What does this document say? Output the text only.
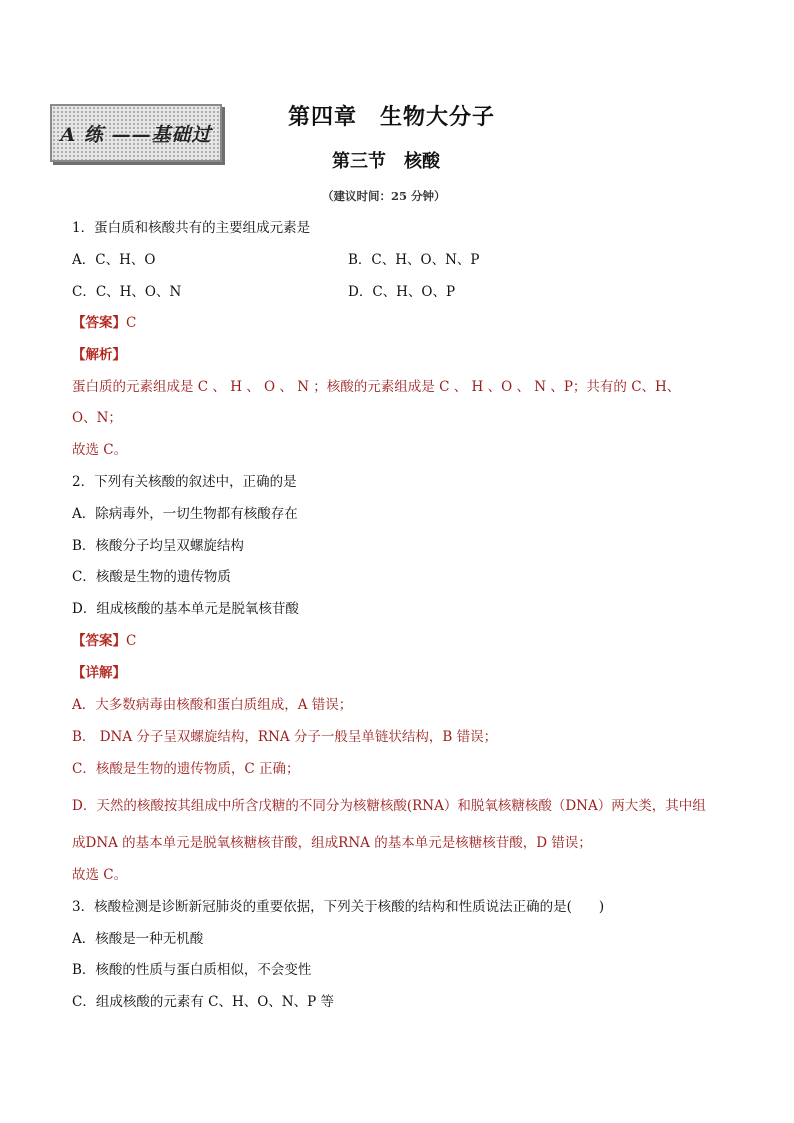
A 练 ——基础过
第四章　生物大分子
第三节　核酸
（建议时间：25 分钟）
1．蛋白质和核酸共有的主要组成元素是
A．C、H、O	B．C、H、O、N、P
C．C、H、O、N	D．C、H、O、P
【答案】C
【解析】
蛋白质的元素组成是 C 、 H 、 O 、 N ；核酸的元素组成是 C 、 H 、O 、 N 、P；共有的 C、H、
O、N；
故选 C。
2．下列有关核酸的叙述中，正确的是
A．除病毒外，一切生物都有核酸存在
B．核酸分子均呈双螺旋结构
C．核酸是生物的遗传物质
D．组成核酸的基本单元是脱氧核苷酸
【答案】C
【详解】
A．大多数病毒由核酸和蛋白质组成，A 错误；
B． DNA 分子呈双螺旋结构，RNA 分子一般呈单链状结构，B 错误；
C．核酸是生物的遗传物质，C 正确；
D．天然的核酸按其组成中所含戊糖的不同分为核糖核酸(RNA）和脱氧核糖核酸（DNA）两大类，其中组
成DNA 的基本单元是脱氧核糖核苷酸，组成RNA 的基本单元是核糖核苷酸，D 错误；
故选 C。
3．核酸检测是诊断新冠肺炎的重要依据，下列关于核酸的结构和性质说法正确的是(　　)
A．核酸是一种无机酸
B．核酸的性质与蛋白质相似，不会变性
C．组成核酸的元素有 C、H、O、N、P 等
